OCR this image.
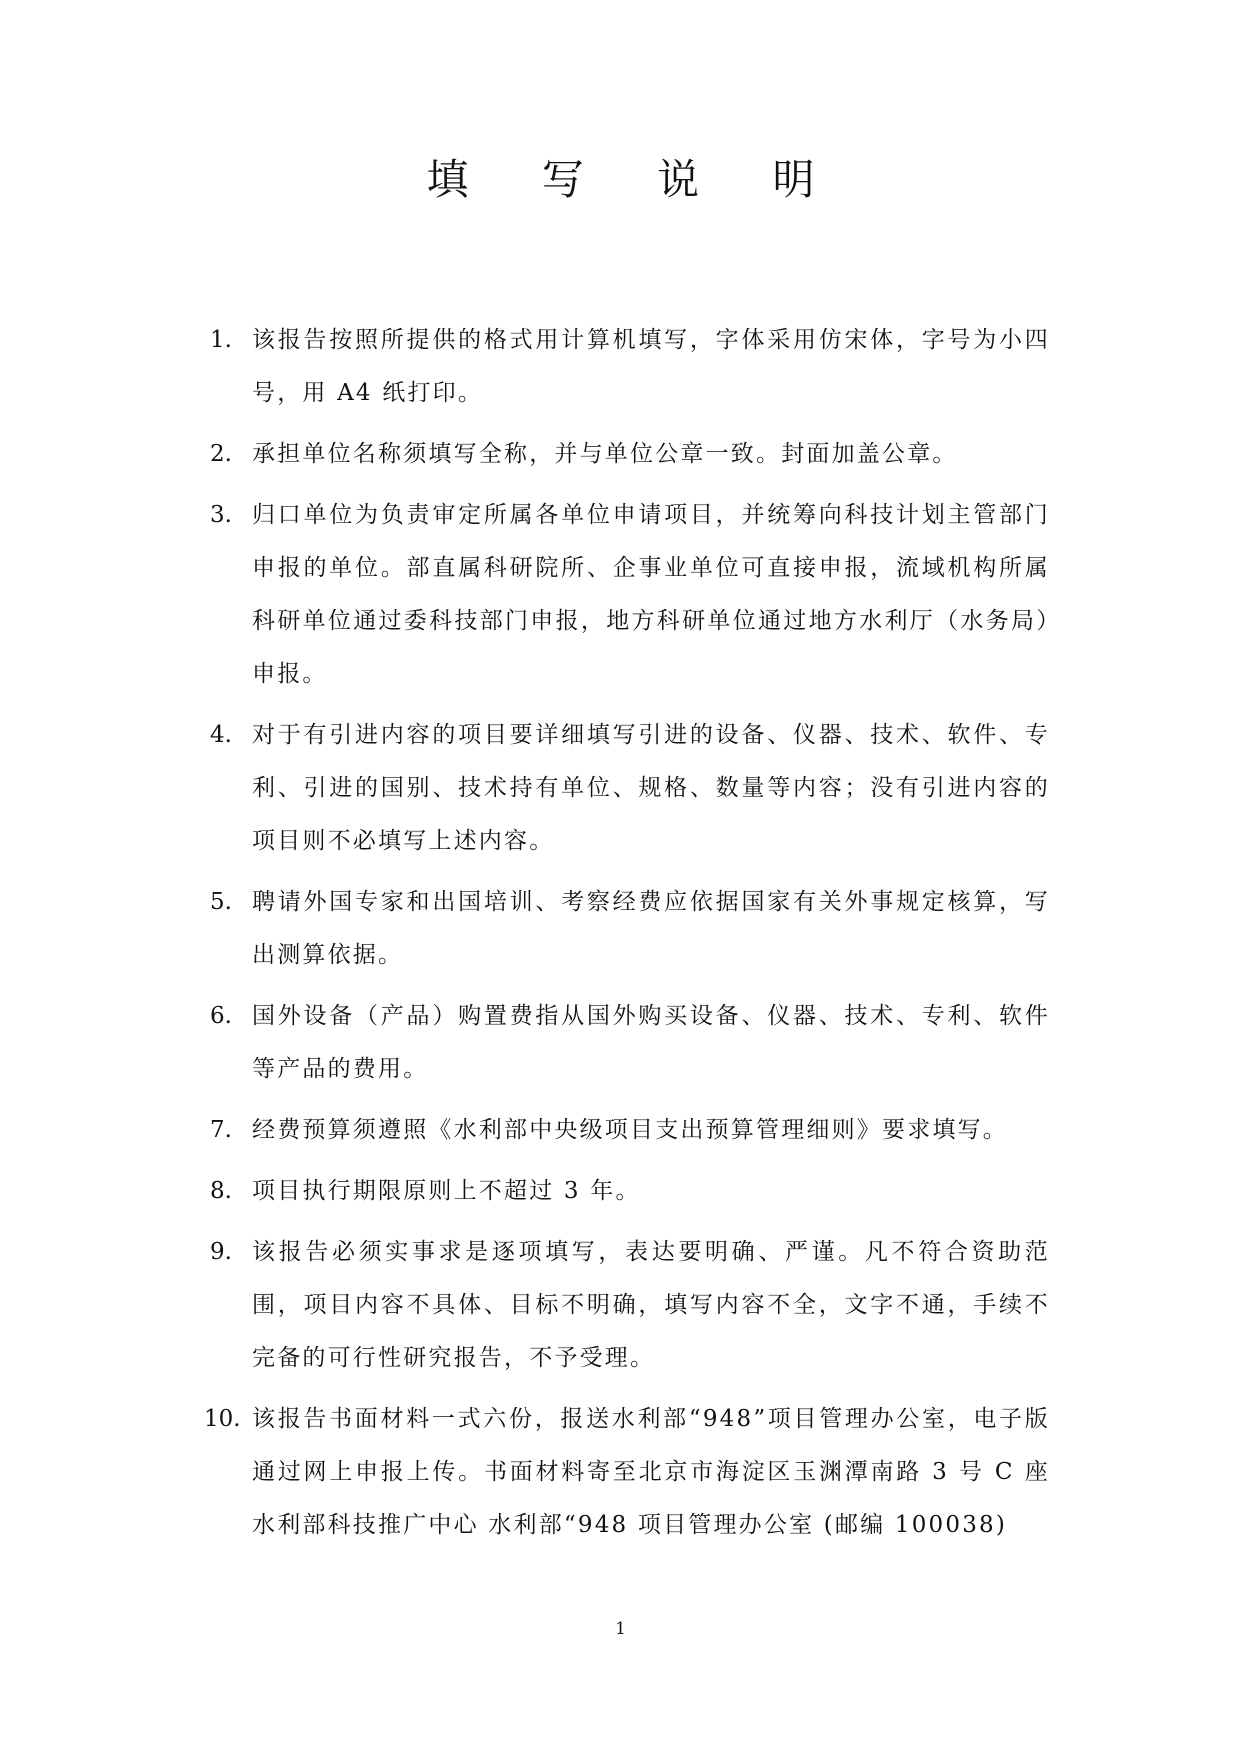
填 写 说 明
1. 该报告按照所提供的格式用计算机填写，字体采用仿宋体，字号为小四号，用 A4 纸打印。
2. 承担单位名称须填写全称，并与单位公章一致。封面加盖公章。
3. 归口单位为负责审定所属各单位申请项目，并统筹向科技计划主管部门申报的单位。部直属科研院所、企事业单位可直接申报，流域机构所属科研单位通过委科技部门申报，地方科研单位通过地方水利厅（水务局）申报。
4. 对于有引进内容的项目要详细填写引进的设备、仪器、技术、软件、专利、引进的国别、技术持有单位、规格、数量等内容；没有引进内容的项目则不必填写上述内容。
5. 聘请外国专家和出国培训、考察经费应依据国家有关外事规定核算，写出测算依据。
6. 国外设备（产品）购置费指从国外购买设备、仪器、技术、专利、软件等产品的费用。
7. 经费预算须遵照《水利部中央级项目支出预算管理细则》要求填写。
8. 项目执行期限原则上不超过 3 年。
9. 该报告必须实事求是逐项填写，表达要明确、严谨。凡不符合资助范围，项目内容不具体、目标不明确，填写内容不全，文字不通，手续不完备的可行性研究报告，不予受理。
10. 该报告书面材料一式六份，报送水利部“948”项目管理办公室，电子版通过网上申报上传。书面材料寄至北京市海淀区玉渊潭南路 3 号 C 座 水利部科技推广中心 水利部“948 项目管理办公室 (邮编 100038)
1
